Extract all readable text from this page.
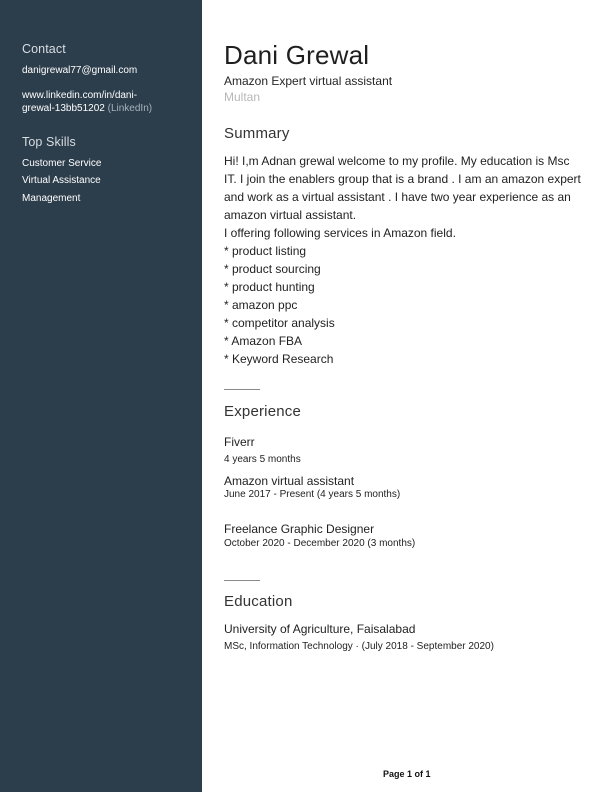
Contact
danigrewal77@gmail.com
www.linkedin.com/in/dani-
grewal-13bb51202 (LinkedIn)
Top Skills
Customer Service
Virtual Assistance
Management
Dani Grewal
Amazon Expert virtual assistant
Multan
Summary
Hi! I,m Adnan grewal welcome to my profile. My education is Msc
IT. I join the enablers group that is a brand . I am an amazon expert
and work as a virtual assistant . I have two year experience as an
amazon virtual assistant.
I offering following services in Amazon field.
* product listing
* product sourcing
* product hunting
* amazon ppc
* competitor analysis
* Amazon FBA
* Keyword Research
Experience
Fiverr
4 years 5 months
Amazon virtual assistant
June 2017 - Present (4 years 5 months)
Freelance Graphic Designer
October 2020 - December 2020 (3 months)
Education
University of Agriculture, Faisalabad
MSc, Information Technology · (July 2018 - September 2020)
Page 1 of 1
